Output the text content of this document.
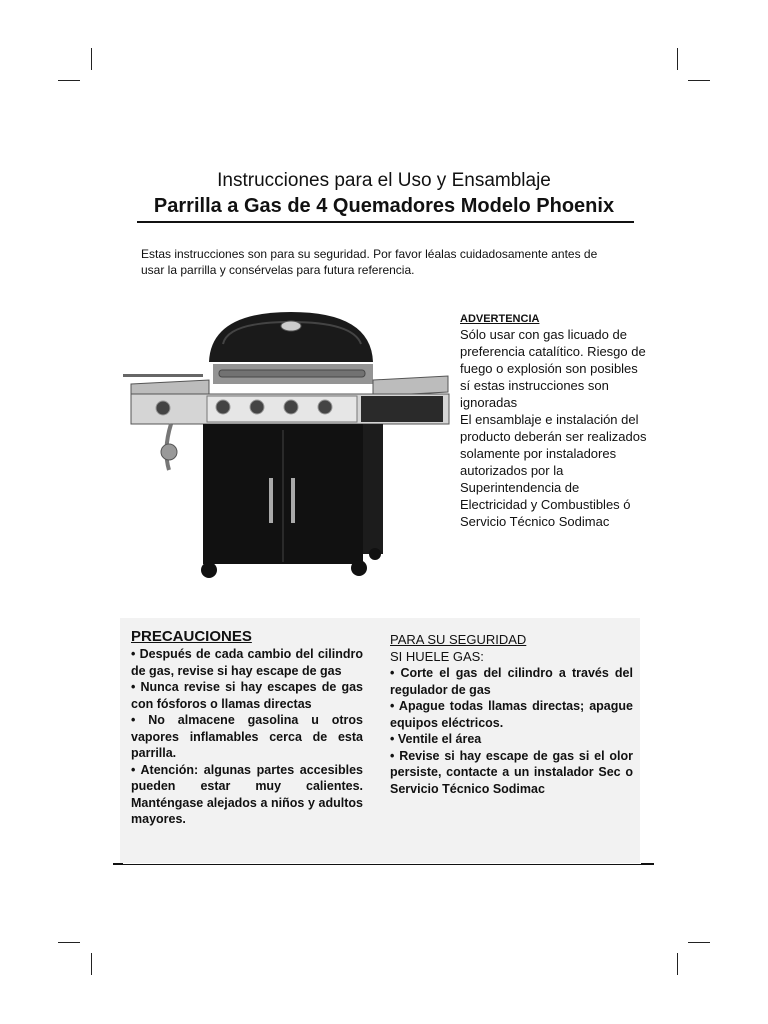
Instrucciones para el Uso y Ensamblaje
Parrilla a Gas de 4 Quemadores Modelo Phoenix
Estas instrucciones son para su seguridad. Por favor léalas cuidadosamente antes de usar la parrilla y consérvelas para futura referencia.
ADVERTENCIA

Sólo usar con gas licuado de preferencia catalítico. Riesgo de fuego o explosión son posibles sí estas instrucciones son ignoradas

El ensamblaje e instalación del producto deberán ser realizados solamente por instaladores autorizados por la Superintendencia de Electricidad y Combustibles ó Servicio Técnico Sodimac

PRECAUCIONES

• Después de cada cambio del cilindro de gas, revise si hay escape de gas

• Nunca revise si hay escapes de gas con fósforos o llamas directas

• No almacene gasolina u otros vapores inflamables cerca de esta parrilla.

• Atención: algunas partes accesibles pueden estar muy calientes. Manténgase alejados a niños y adultos mayores.

PARA SU SEGURIDAD
SI HUELE GAS:

• Corte el gas del cilindro a través del regulador de gas

• Apague todas llamas directas; apague equipos eléctricos.

• Ventile el área

• Revise si hay escape de gas si el olor persiste, contacte a un instalador Sec o Servicio Técnico Sodimac
